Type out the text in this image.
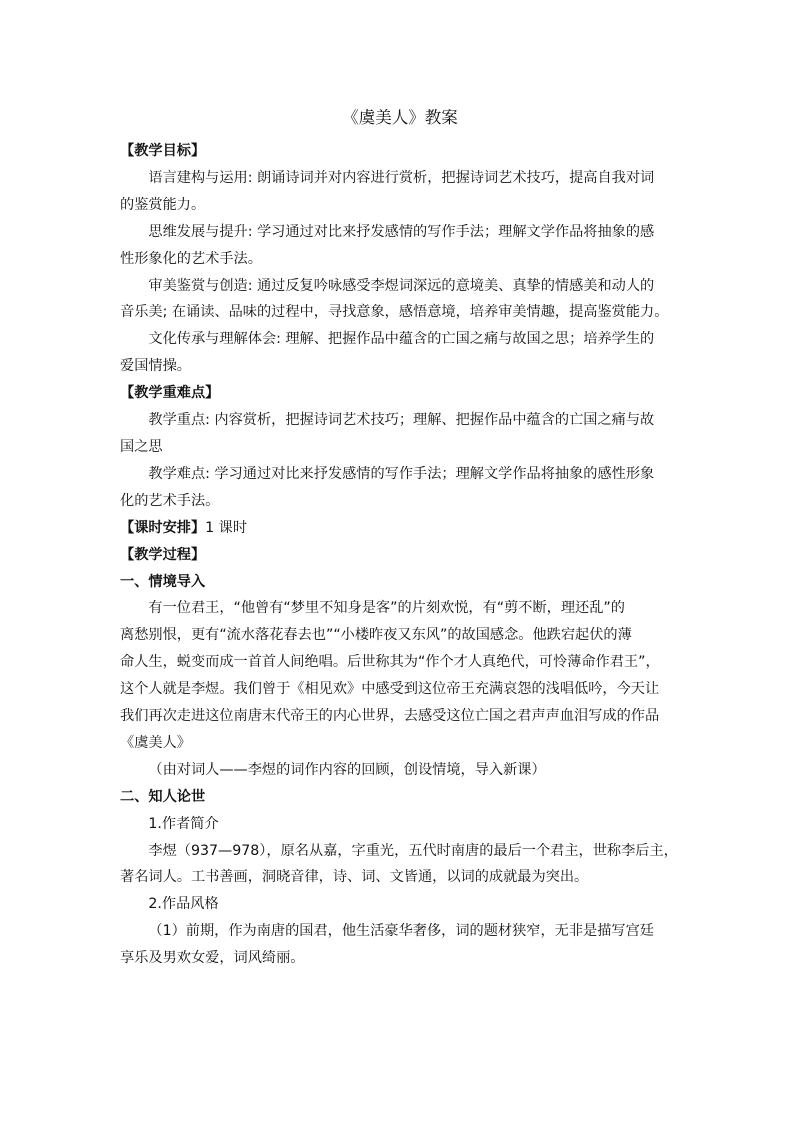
《虞美人》教案
【教学目标】
语言建构与运用: 朗诵诗词并对内容进行赏析，把握诗词艺术技巧，提高自我对词
的鉴赏能力。
思维发展与提升: 学习通过对比来抒发感情的写作手法；理解文学作品将抽象的感
性形象化的艺术手法。
审美鉴赏与创造: 通过反复吟咏感受李煜词深远的意境美、真挚的情感美和动人的
音乐美; 在诵读、品味的过程中，寻找意象，感悟意境，培养审美情趣，提高鉴赏能力。
文化传承与理解体会: 理解、把握作品中蕴含的亡国之痛与故国之思；培养学生的
爱国情操。
【教学重难点】
教学重点: 内容赏析，把握诗词艺术技巧；理解、把握作品中蕴含的亡国之痛与故
国之思
教学难点: 学习通过对比来抒发感情的写作手法；理解文学作品将抽象的感性形象
化的艺术手法。
【课时安排】1 课时
【教学过程】
一、情境导入
有一位君王，“他曾有“梦里不知身是客”的片刻欢悦，有“剪不断，理还乱”的
离愁别恨，更有“流水落花春去也”“小楼昨夜又东风”的故国感念。他跌宕起伏的薄
命人生，蜕变而成一首首人间绝唱。后世称其为“作个才人真绝代，可怜薄命作君王”，
这个人就是李煜。我们曾于《相见欢》中感受到这位帝王充满哀怨的浅唱低吟，今天让
我们再次走进这位南唐末代帝王的内心世界，去感受这位亡国之君声声血泪写成的作品
《虞美人》
（由对词人——李煜的词作内容的回顾，创设情境，导入新课）
二、知人论世
1.作者简介
李煜（937—978），原名从嘉，字重光，五代时南唐的最后一个君主，世称李后主，
著名词人。工书善画，洞晓音律，诗、词、文皆通，以词的成就最为突出。
2.作品风格
（1）前期，作为南唐的国君，他生活豪华奢侈，词的题材狭窄，无非是描写宫廷
享乐及男欢女爱，词风绮丽。
